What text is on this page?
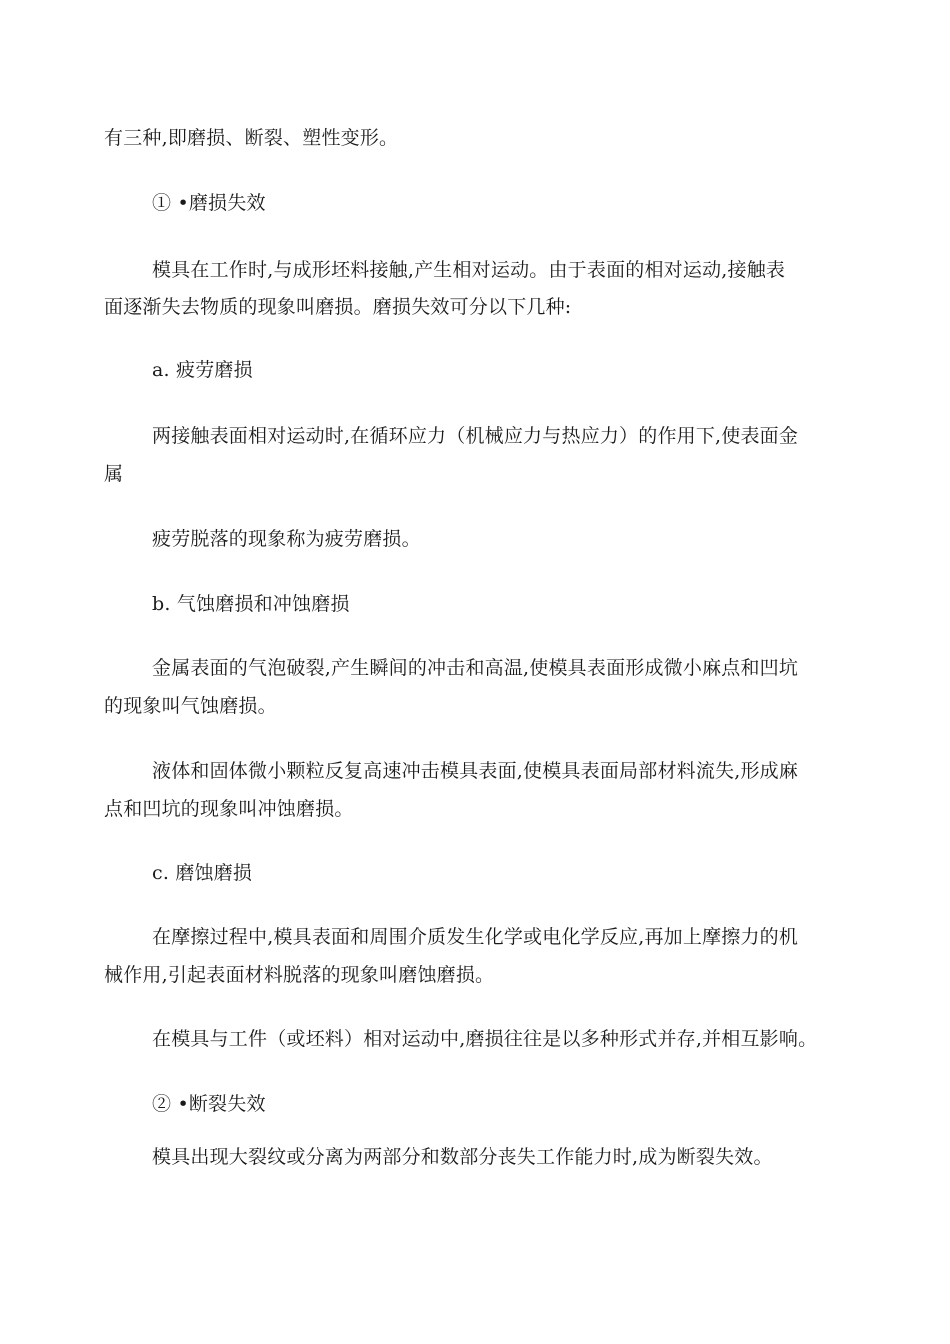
有三种,即磨损、断裂、塑性变形。
① •磨损失效
模具在工作时,与成形坯料接触,产生相对运动。由于表面的相对运动,接触表
面逐渐失去物质的现象叫磨损。磨损失效可分以下几种:
a. 疲劳磨损
两接触表面相对运动时,在循环应力（机械应力与热应力）的作用下,使表面金
属
疲劳脱落的现象称为疲劳磨损。
b. 气蚀磨损和冲蚀磨损
金属表面的气泡破裂,产生瞬间的冲击和高温,使模具表面形成微小麻点和凹坑
的现象叫气蚀磨损。
液体和固体微小颗粒反复高速冲击模具表面,使模具表面局部材料流失,形成麻
点和凹坑的现象叫冲蚀磨损。
c. 磨蚀磨损
在摩擦过程中,模具表面和周围介质发生化学或电化学反应,再加上摩擦力的机
械作用,引起表面材料脱落的现象叫磨蚀磨损。
在模具与工件（或坯料）相对运动中,磨损往往是以多种形式并存,并相互影响。
② •断裂失效
模具出现大裂纹或分离为两部分和数部分丧失工作能力时,成为断裂失效。
